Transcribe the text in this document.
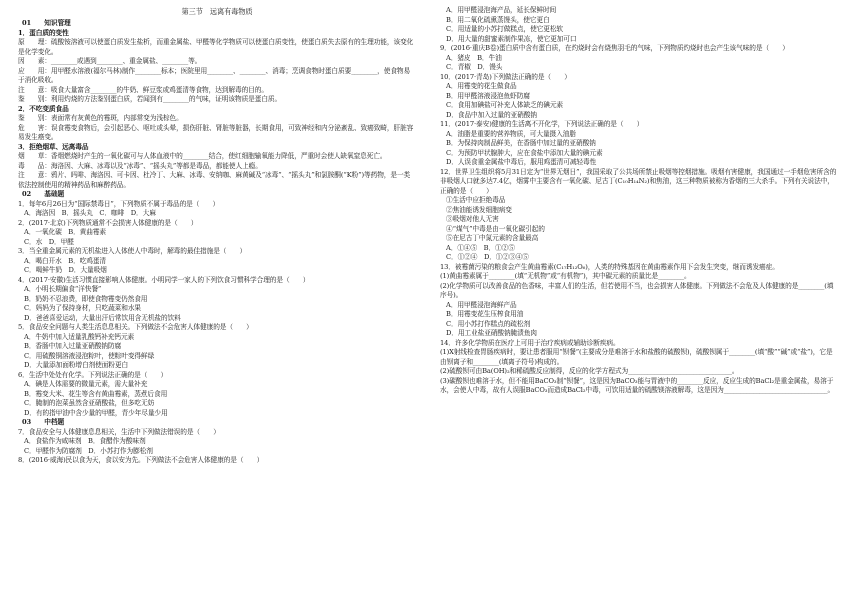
第三节　远离有毒物质
01　　知识管理
1．蛋白质的变性
原　　理：硫酸铵溶液可以使蛋白质发生盐析，而重金属盐、甲醛等化学物质可以使蛋白质变性，使蛋白质失去原有的生理功能，该变化是化学变化。
因　　素：________或遇到________、重金属盐、________等。
应　　用：用甲醛水溶液(福尔马林)制作________标本；医院里用________、________、消毒；烹调食物时蛋白质要________，使食物易于消化吸收。
注　　意：吸食大量富含________的牛奶、鲜豆浆或鸡蛋清等食物，达到解毒的目的。
鉴　　别：利用灼烧的方法鉴别蛋白质，若闻到有________的气味，证明该物质是蛋白质。
2．不吃变质食品
鉴　　别：表面常有灰黄色的霉斑，内部常变为浅棕色。
危　　害：误食霉变食物后，会引起恶心、呕吐或头晕，损伤肝脏、肾脏等脏器，长期食用，可致神经和内分泌紊乱、致癌致畸，肝脏容易发生癌变。
3．拒绝烟草、远离毒品
烟　　草：香烟燃烧时产生的一氧化碳可与人体血液中的________结合，使红细胞输氧能力降低，严重时会使人缺氧窒息死亡。
毒　　品：海洛因、大麻、冰毒以及“冰毒”、“摇头丸”等都是毒品，都能使人上瘾。
注　　意：鸦片、吗啡、海洛因、可卡因、杜冷丁、大麻、冰毒、安纳咖、麻黄碱及“冰毒”、“摇头丸”和氯胺酮(“K粉”)等药物，是一类依法控制使用的精神药品和麻醉药品。
02　　基础题
1．每年6月26日为“国际禁毒日”，下列物质不属于毒品的是（　　）
A．海洛因　B．摇头丸　C．咖啡　D．大麻
2．(2017·北京)下列物质通常不会损害人体健康的是（　　）
A．一氧化碳　B．黄曲霉素
C．水　D．甲醛
3．当全重金属元素的无机盐进入人体使人中毒时，解毒的最佳措施是（　　）
A．喝白开水　B．吃鸡蛋清
C．喝鲜牛奶　D．大量吸烟
4．(2017·安徽)生活习惯直接影响人体健康。小明同学一家人的下列饮食习惯科学合理的是（　　）
A．小明长期偏食“洋快餐”
B．奶奶不忍浪费，即使食物霉变仍然食用
C．妈妈为了保持身材，只吃蔬菜和水果
D．爸爸喜爱运动，大量出汗后常饮用含无机盐的饮料
5．食品安全问题与人类生活息息相关。下列做法不会危害人体健康的是（　　）
A．牛奶中加入适量乳酸钙补充钙元素
B．香肠中加入过量亚硝酸钠防腐
C．用硫酸铜溶液浸泡粽叶，使粽叶变得鲜绿
D．大量添加面粉增白剂使面粉更白
6．生活中处处有化学。下列说法正确的是（　　）
A．碘是人体需要的微量元素，需大量补充
B．霉变大米、花生等含有黄曲霉素，蒸煮后食用
C．腌制的泡菜虽然含亚硝酸盐，但多吃无妨
D．有的指甲油中含少量的甲醛，青少年尽量少用
03　　中档题
7．食品安全与人体健康息息相关，生活中下列做法错误的是（　　）
A．食盐作为咸味剂　B．食醋作为酸味剂
C．甲醛作为防腐剂　D．小苏打作为膨松剂
8．(2016·威海)民以食为天，食以安为先。下列做法不会危害人体健康的是（　　）
A．用甲醛浸泡海产品，延长保鲜时间
B．用二氧化硫熏蒸馒头，使它更白
C．用适量的小苏打做糕点，使它更松软
D．用大量的甜蜜素制作果冻，使它更加可口
9．(2016·重庆B卷)蛋白质中含有蛋白质，在灼烧时会有烧焦羽毛的气味，下列物质灼烧时也会产生该气味的是（　　）
A．猪皮　B．牛油
C．青椒　D．馒头
10．(2017·青岛)下列做法正确的是（　　）
A．用霉变的花生做食品
B．用甲醛溶液浸泡鱼虾防腐
C．食用加碘盐可补充人体缺乏的碘元素
D．食品中加入过量的亚硝酸钠
11．(2017·泰安)健康的生活离不开化学，下列说法正确的是（　　）
A．油脂是重要的营养物质，可大量摄入油脂
B．为保持肉制品鲜美，在香肠中加过量的亚硝酸钠
C．为预防甲状腺肿大，应在食盐中添加大量的碘元素
D．人误食重金属盐中毒后，服用鸡蛋清可减轻毒性
12．世界卫生组织将5月31日定为“世界无烟日”，我国采取了公共场所禁止吸烟等控烟措施。吸烟有害健康，我国通过一手烟危害所含的非吸烟人口就多达7.4亿，烟雾中主要含有一氧化碳、尼古丁(C₁₀H₁₄N₂)和焦油，这三种物质被称为香烟的三大杀手。下列有关说法中，正确的是（　　）
①生活中应拒绝毒品
②焦油能诱发细胞病变
③吸烟对他人无害
④“煤气”中毒是由一氧化碳引起的
⑤在尼古丁中氮元素的含量最高
A．①④⑤　B．①②⑤
C．①②④　D．①②③④⑤
13．被霉菌污染的粮食会产生黄曲霉素(C₁₇H₁₂O₆)，人类的特殊基因在黄曲霉素作用下会发生突变，继而诱发癌症。
(1)黄曲霉素属于________(填“无机物”或“有机物”)，其中碳元素的质量比是________。
(2)化学物质可以改善食品的色香味，丰富人们的生活，但若使用不当，也会损害人体健康。下列做法不会危及人体健康的是________(填序号)。
A．用甲醛浸泡海鲜产品
B．用霉变花生压榨食用油
C．用小苏打作糕点的疏松剂
D．用工业盐亚硝酸钠腌渍鱼肉
14．许多化学物质在医疗上可用于治疗疾病或辅助诊断疾病。
(1)X射线检查胃肠疾病时，要让患者服用“钡餐”(主要成分是难溶于水和盐酸的硫酸钡)，硫酸钡属于________(填“酸”“碱”或“盐”)，它是由钡离子和________(填离子符号)构成的。
(2)硫酸钡可由Ba(OH)₂和稀硫酸反应制得，反应的化学方程式为________________________________。
(3)碳酸钡也难溶于水，但不能用BaCO₃制“钡餐”，这是因为BaCO₃能与胃液中的________反应，反应生成的BaCl₂是重金属盐，易溶于水，会使人中毒，故有人误服BaCO₃而造成BaCl₂中毒，可饮用适量的硫酸镁溶液解毒，这是因为________________________________。
